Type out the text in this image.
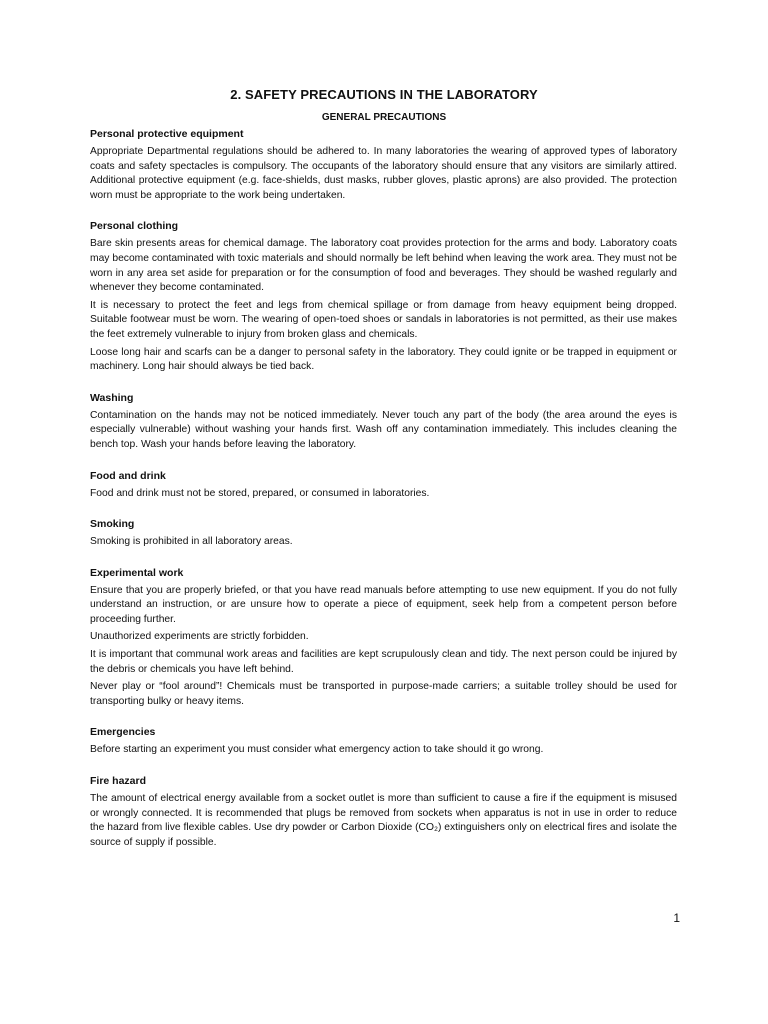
2. SAFETY PRECAUTIONS IN THE LABORATORY
GENERAL PRECAUTIONS
Personal protective equipment

Appropriate Departmental regulations should be adhered to. In many laboratories the wearing of approved types of laboratory coats and safety spectacles is compulsory. The occupants of the laboratory should ensure that any visitors are similarly attired. Additional protective equipment (e.g. face-shields, dust masks, rubber gloves, plastic aprons) are also provided. The protection worn must be appropriate to the work being undertaken.

Personal clothing

Bare skin presents areas for chemical damage. The laboratory coat provides protection for the arms and body. Laboratory coats may become contaminated with toxic materials and should normally be left behind when leaving the work area. They must not be worn in any area set aside for preparation or for the consumption of food and beverages. They should be washed regularly and whenever they become contaminated.

It is necessary to protect the feet and legs from chemical spillage or from damage from heavy equipment being dropped. Suitable footwear must be worn. The wearing of open-toed shoes or sandals in laboratories is not permitted, as their use makes the feet extremely vulnerable to injury from broken glass and chemicals.

Loose long hair and scarfs can be a danger to personal safety in the laboratory. They could ignite or be trapped in equipment or machinery. Long hair should always be tied back.

Washing

Contamination on the hands may not be noticed immediately. Never touch any part of the body (the area around the eyes is especially vulnerable) without washing your hands first. Wash off any contamination immediately. This includes cleaning the bench top. Wash your hands before leaving the laboratory.

Food and drink

Food and drink must not be stored, prepared, or consumed in laboratories.

Smoking

Smoking is prohibited in all laboratory areas.

Experimental work

Ensure that you are properly briefed, or that you have read manuals before attempting to use new equipment. If you do not fully understand an instruction, or are unsure how to operate a piece of equipment, seek help from a competent person before proceeding further.

Unauthorized experiments are strictly forbidden.

It is important that communal work areas and facilities are kept scrupulously clean and tidy. The next person could be injured by the debris or chemicals you have left behind.

Never play or “fool around”! Chemicals must be transported in purpose-made carriers; a suitable trolley should be used for transporting bulky or heavy items.

Emergencies

Before starting an experiment you must consider what emergency action to take should it go wrong.

Fire hazard

The amount of electrical energy available from a socket outlet is more than sufficient to cause a fire if the equipment is misused or wrongly connected. It is recommended that plugs be removed from sockets when apparatus is not in use in order to reduce the hazard from live flexible cables. Use dry powder or Carbon Dioxide (CO₂) extinguishers only on electrical fires and isolate the source of supply if possible.

1
